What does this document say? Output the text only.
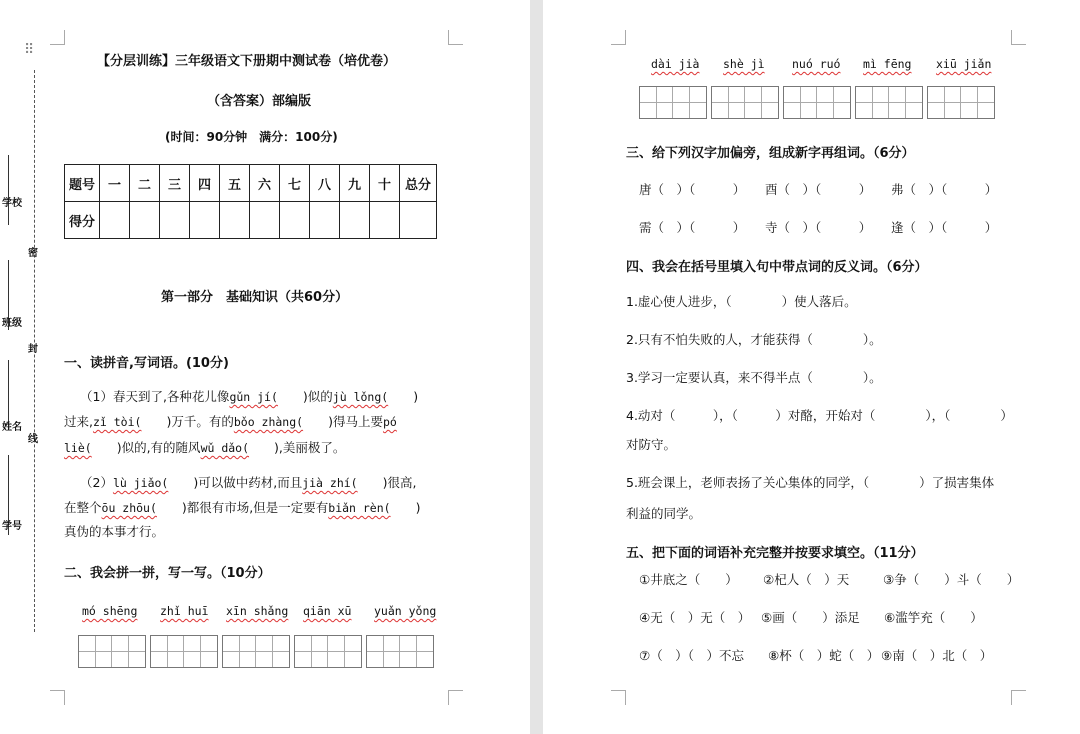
⠿
学校
密
班级
封
姓名
线
学号
【分层训练】三年级语文下册期中测试卷（培优卷）
（含答案）部编版
(时间：90分钟　满分：100分)
题号	一	二	三	四	五	六	七	八	九	十	总分
得分											
第一部分　基础知识（共60分）
一、读拼音,写词语。(10分)
（1）春天到了,各种花儿像gǔn jí(　　)似的jù lǒng(　　)
过来,zǐ tòi(　　)万千。有的bǒo zhàng(　　)得马上要pó
liè(　　)似的,有的随风wǔ dǎo(　　),美丽极了。
（2）lù jiǎo(　　)可以做中药材,而且jià zhí(　　)很高,
在整个ōu zhōu(　　)都很有市场,但是一定要有biǎn rèn(　　)
真伪的本事才行。
二、我会拼一拼，写一写。（10分）
mó shēng zhǐ huī xīn shǎng qiān xū yuǎn yǒng
dài jià shè jì nuó ruó mì fēng xiū jiǎn
三、给下列汉字加偏旁，组成新字再组词。（6分）
唐（　）（　　　） 酉（　）（　　　） 弗（　）（　　　）
需（　）（　　　） 寺（　）（　　　） 逢（　）（　　　）
四、我会在括号里填入句中带点词的反义词。（6分）
1.虚心使人进步，（　　　　）使人落后。
2.只有不怕失败的人，才能获得（　　　　）。
3.学习一定要认真，来不得半点（　　　　）。
4.动对（　　　），（　　　）对酪，开始对（　　　　），（　　　　）
对防守。
5.班会课上，老师表扬了关心集体的同学，（　　　　）了损害集体
利益的同学。
五、把下面的词语补充完整并按要求填空。（11分）
①井底之（　　） ②杞人（　）天	③争（　　）斗（　　）
④无（　）无（　） ⑤画（　　）添足 ⑥滥竽充（　　）
⑦（　）（　）不忘 ⑧杯（　）蛇（　） ⑨南（　）北（　）
